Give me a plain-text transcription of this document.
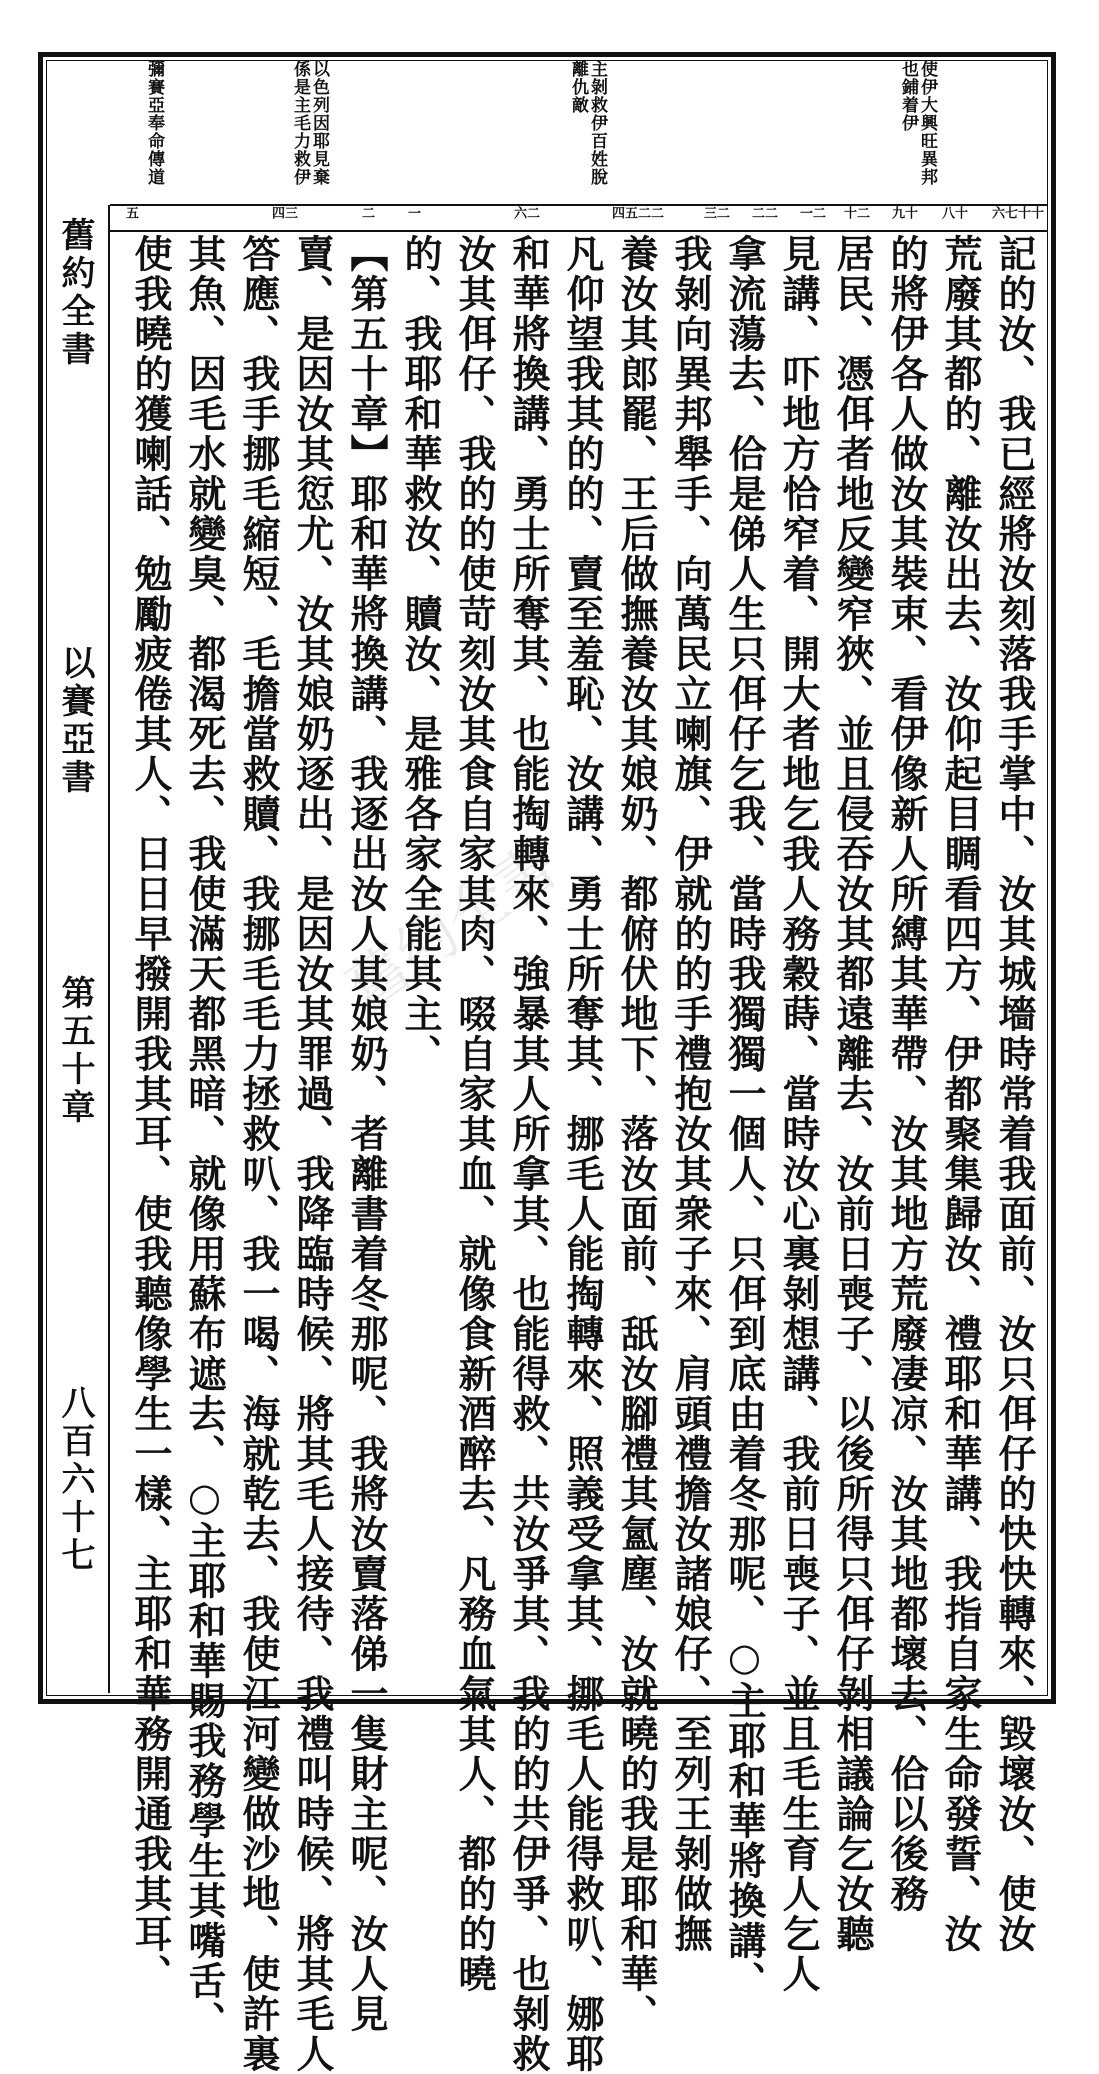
使伊大興旺異邦也鋪着伊
主剝救伊百姓脫離仇敵
以色列因耶見棄係是主毛力救伊
彌賽亞奉命傳道
十十七六
十八
十九
二十
二一
二二
二三
二二五四
二六
一
二
三四
五
舊約全書
以賽亞書
第五十章
八百六十七	記的汝、我已經將汝刻落我手掌中、汝其城墻時常着我面前、汝只佴仔的快快轉來、毀壞汝、使汝
荒廢其都的、離汝出去、汝仰起目睭看四方、伊都聚集歸汝、禮耶和華講、我指自家生命發誓、汝
的將伊各人做汝其裝束、看伊像新人所縛其華帶、汝其地方荒廢凄凉、汝其地都壞去、佮以後務
居民、憑佴者地反變窄狹、並且侵吞汝其都遠離去、汝前日喪子、以後所得只佴仔剝相議論乞汝聽
見講、吓地方恰窄着、開大者地乞我人務穀蒔、當時汝心裏剝想講、我前日喪子、並且毛生育人乞人
拿流蕩去、佮是俤人生只佴仔乞我、當時我獨獨一個人、只佴到底由着冬那呢、○主耶和華將換講、
我剝向異邦舉手、向萬民立喇旗、伊就的的手禮抱汝其衆子來、肩頭禮擔汝諸娘仔、至列王剝做撫
養汝其郎罷、王后做撫養汝其娘奶、都俯伏地下、落汝面前、舐汝腳禮其氳塵、汝就曉的我是耶和華、
凡仰望我其的的、賣至羞恥、汝講、勇士所奪其、挪毛人能掏轉來、照義受拿其、挪毛人能得救叭、娜耶
和華將換講、勇士所奪其、也能掏轉來、強暴其人所拿其、也能得救、共汝爭其、我的的共伊爭、也剝救
汝其佴仔、我的的使苛刻汝其食自家其肉、啜自家其血、就像食新酒醉去、凡務血氣其人、都的的曉
的、我耶和華救汝、贖汝、是雅各家全能其主、
【第五十章】耶和華將換講、我逐出汝人其娘奶、者離書着冬那呢、我將汝賣落俤一隻財主呢、汝人見
賣、是因汝其愆尤、汝其娘奶逐出、是因汝其罪過、我降臨時候、將其毛人接待、我禮叫時候、將其毛人
答應、我手挪毛縮短、毛擔當救贖、我挪毛毛力拯救叭、我一喝、海就乾去、我使江河變做沙地、使許裏
其魚、因毛水就變臭、都渴死去、我使滿天都黑暗、就像用蘇布遮去、○主耶和華賜我務學生其嘴舌、
使我曉的獲喇話、勉勵疲倦其人、日日早撥開我其耳、使我聽像學生一樣、主耶和華務開通我其耳、	舊約全書
